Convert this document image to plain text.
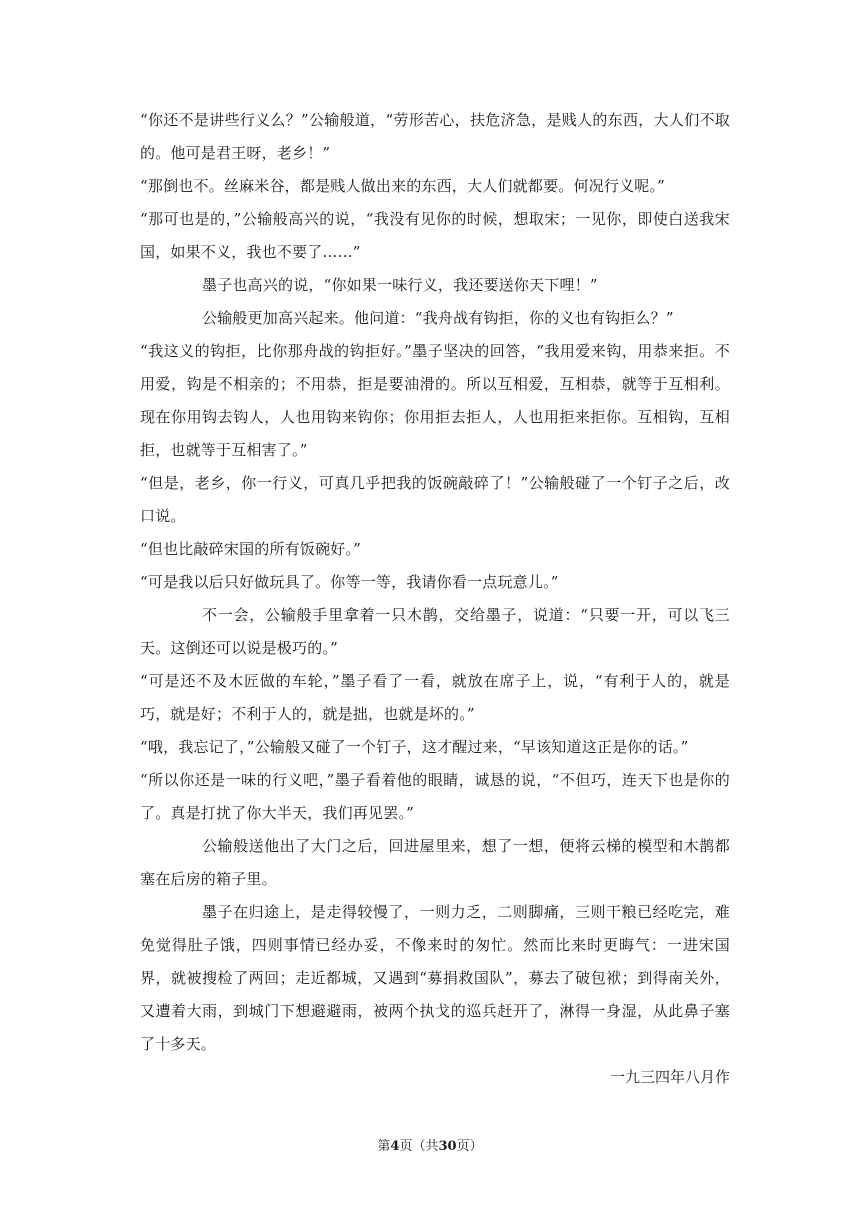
“你还不是讲些行义么？”公输般道，“劳形苦心，扶危济急，是贱人的东西，大人们不取的。他可是君王呀，老乡！”

“那倒也不。丝麻米谷，都是贱人做出来的东西，大人们就都要。何况行义呢。”

“那可也是的，”公输般高兴的说，“我没有见你的时候，想取宋；一见你，即使白送我宋国，如果不义，我也不要了……”

墨子也高兴的说，“你如果一味行义，我还要送你天下哩！”

公输般更加高兴起来。他问道：“我舟战有钩拒，你的义也有钩拒么？”

“我这义的钩拒，比你那舟战的钩拒好。”墨子坚决的回答，“我用爱来钩，用恭来拒。不用爱，钩是不相亲的；不用恭，拒是要油滑的。所以互相爱，互相恭，就等于互相利。现在你用钩去钩人，人也用钩来钩你；你用拒去拒人，人也用拒来拒你。互相钩，互相拒，也就等于互相害了。”

“但是，老乡，你一行义，可真几乎把我的饭碗敲碎了！”公输般碰了一个钉子之后，改口说。

“但也比敲碎宋国的所有饭碗好。”

“可是我以后只好做玩具了。你等一等，我请你看一点玩意儿。”

不一会，公输般手里拿着一只木鹊，交给墨子，说道：“只要一开，可以飞三天。这倒还可以说是极巧的。”

“可是还不及木匠做的车轮，”墨子看了一看，就放在席子上，说，“有利于人的，就是巧，就是好；不利于人的，就是拙，也就是坏的。”

“哦，我忘记了，”公输般又碰了一个钉子，这才醒过来，“早该知道这正是你的话。”

“所以你还是一味的行义吧，”墨子看着他的眼睛，诚恳的说，“不但巧，连天下也是你的了。真是打扰了你大半天，我们再见罢。”

公输般送他出了大门之后，回进屋里来，想了一想，便将云梯的模型和木鹊都塞在后房的箱子里。

墨子在归途上，是走得较慢了，一则力乏，二则脚痛，三则干粮已经吃完，难免觉得肚子饿，四则事情已经办妥，不像来时的匆忙。然而比来时更晦气：一进宋国界，就被搜检了两回；走近都城，又遇到“募捐救国队”，募去了破包袱；到得南关外，又遭着大雨，到城门下想避避雨，被两个执戈的巡兵赶开了，淋得一身湿，从此鼻子塞了十多天。

一九三四年八月作

第4页（共30页）
